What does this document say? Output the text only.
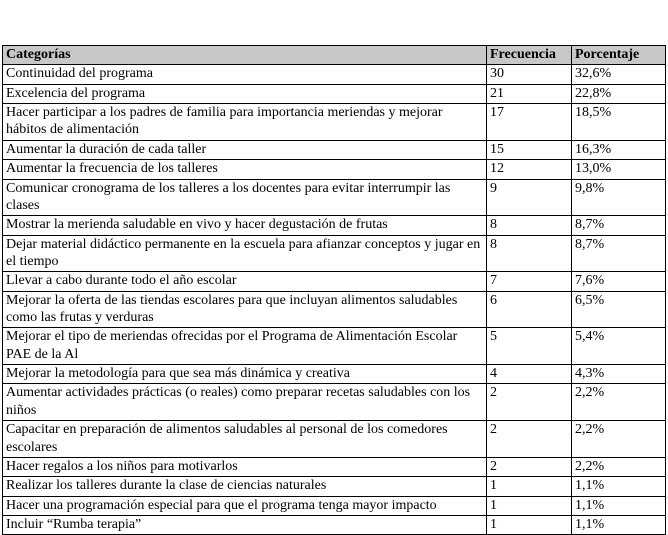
Categorías	Frecuencia	Porcentaje
Continuidad del programa	30	32,6%
Excelencia del programa	21	22,8%
Hacer participar a los padres de familia para importancia meriendas y mejorar hábitos de alimentación	17	18,5%
Aumentar la duración de cada taller	15	16,3%
Aumentar la frecuencia de los talleres	12	13,0%
Comunicar cronograma de los talleres a los docentes para evitar interrumpir las clases	9	9,8%
Mostrar la merienda saludable en vivo y hacer degustación de frutas	8	8,7%
Dejar material didáctico permanente en la escuela para afianzar conceptos y jugar en el tiempo	8	8,7%
Llevar a cabo durante todo el año escolar	7	7,6%
Mejorar la oferta de las tiendas escolares para que incluyan alimentos saludables como las frutas y verduras	6	6,5%
Mejorar el tipo de meriendas ofrecidas por el Programa de Alimentación Escolar PAE de la Al	5	5,4%
Mejorar la metodología para que sea más dinámica y creativa	4	4,3%
Aumentar actividades prácticas (o reales) como preparar recetas saludables con los niños	2	2,2%
Capacitar en preparación de alimentos saludables al personal de los comedores escolares	2	2,2%
Hacer regalos a los niños para motivarlos	2	2,2%
Realizar los talleres durante la clase de ciencias naturales	1	1,1%
Hacer una programación especial para que el programa tenga mayor impacto	1	1,1%
Incluir “Rumba terapia”	1	1,1%
